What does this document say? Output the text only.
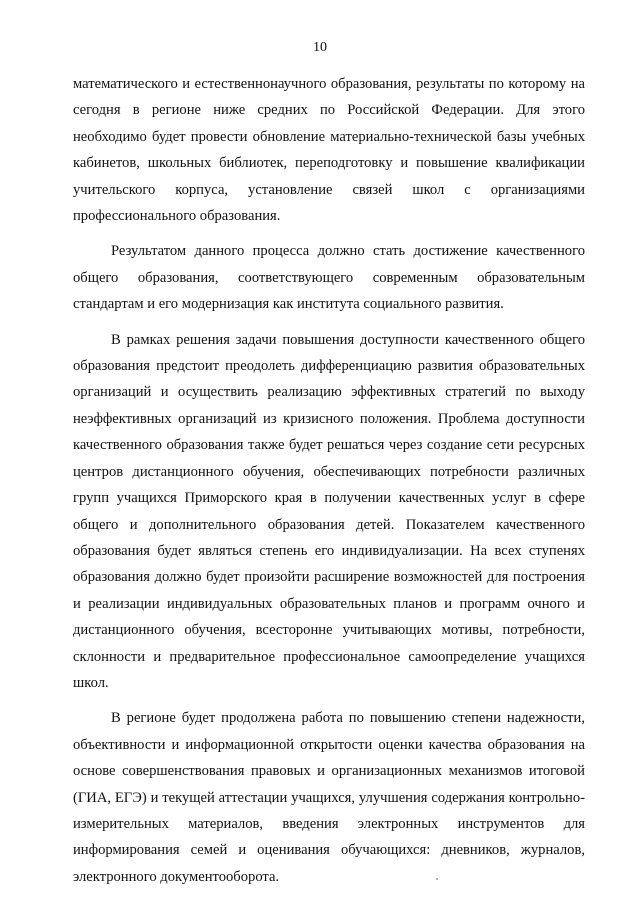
10

математического и естественнонаучного образования, результаты по которому на сегодня в регионе ниже средних по Российской Федерации. Для этого необходимо будет провести обновление материально-технической базы учебных кабинетов, школьных библиотек, переподготовку и повышение квалификации учительского корпуса, установление связей школ с организациями профессионального образования.

Результатом данного процесса должно стать достижение качественного общего образования, соответствующего современным образовательным стандартам и его модернизация как института социального развития.

В рамках решения задачи повышения доступности качественного общего образования предстоит преодолеть дифференциацию развития образовательных организаций и осуществить реализацию эффективных стратегий по выходу неэффективных организаций из кризисного положения. Проблема доступности качественного образования также будет решаться через создание сети ресурсных центров дистанционного обучения, обеспечивающих потребности различных групп учащихся Приморского края в получении качественных услуг в сфере общего и дополнительного образования детей. Показателем качественного образования будет являться степень его индивидуализации. На всех ступенях образования должно будет произойти расширение возможностей для построения и реализации индивидуальных образовательных планов и программ очного и дистанционного обучения, всесторонне учитывающих мотивы, потребности, склонности и предварительное профессиональное самоопределение учащихся школ.

В регионе будет продолжена работа по повышению степени надежности, объективности и информационной открытости оценки качества образования на основе совершенствования правовых и организационных механизмов итоговой (ГИА, ЕГЭ) и текущей аттестации учащихся, улучшения содержания контрольно-измерительных материалов, введения электронных инструментов для информирования семей и оценивания обучающихся: дневников, журналов, электронного документооборота.
